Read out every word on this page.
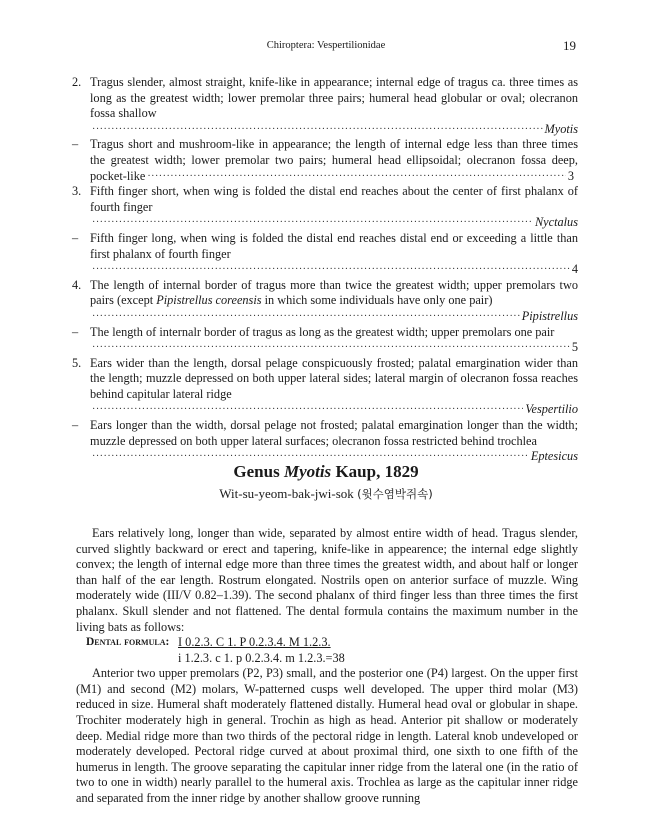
Chiroptera: Vespertilionidae	19
2. Tragus slender, almost straight, knife-like in appearance; internal edge of tragus ca. three times as long as the greatest width; lower premolar three pairs; humeral head globular or oval; olecranon fossa shallow
·····
Myotis
– Tragus short and mushroom-like in appearance; the length of internal edge less than three times the greatest width; lower premolar two pairs; humeral head ellipsoidal; olecranon fossa deep, pocket-like
·····	3
3. Fifth finger short, when wing is folded the distal end reaches about the center of first phalanx of fourth finger
·····
Nyctalus
– Fifth finger long, when wing is folded the distal end reaches distal end or exceeding a little than first phalanx of fourth finger
·····
4
4. The length of internal border of tragus more than twice the greatest width; upper premolars two pairs (except Pipistrellus coreensis in which some individuals have only one pair)
·····
Pipistrellus
– The length of internalr border of tragus as long as the greatest width; upper premolars one pair
·····
5
5. Ears wider than the length, dorsal pelage conspicuously frosted; palatal emargination wider than the length; muzzle depressed on both upper lateral sides; lateral margin of olecranon fossa reaches behind capitular lateral ridge
·····
Vespertilio
– Ears longer than the width, dorsal pelage not frosted; palatal emargination longer than the width; muzzle depressed on both upper lateral surfaces; olecranon fossa restricted behind trochlea
·····
Eptesicus
Genus Myotis Kaup, 1829
Wit-su-yeom-bak-jwi-sok (윗수염박쥐속)

Ears relatively long, longer than wide, separated by almost entire width of head. Tragus slender, curved slightly backward or erect and tapering, knife-like in appearence; the internal edge slightly convex; the length of internal edge more than three times the greatest width, and about half or longer than half of the ear length. Rostrum elongated. Nostrils open on anterior surface of muzzle. Wing moderately wide (III/V 0.82–1.39). The second phalanx of third finger less than three times the first phalanx. Skull slender and not flattened. The dental formula contains the maximum number in the living bats as follows:

Dental formula: I 0.2.3. C 1. P 0.2.3.4. M 1.2.3.
i 1.2.3. c 1. p 0.2.3.4. m 1.2.3.=38

Anterior two upper premolars (P2, P3) small, and the posterior one (P4) largest. On the upper first (M1) and second (M2) molars, W-patterned cusps well developed. The upper third molar (M3) reduced in size. Humeral shaft moderately flattened distally. Humeral head oval or globular in shape. Trochiter moderately high in general. Trochin as high as head. Anterior pit shallow or moderately deep. Medial ridge more than two thirds of the pectoral ridge in length. Lateral knob undeveloped or moderately developed. Pectoral ridge curved at about proximal third, one sixth to one fifth of the humerus in length. The groove separating the capitular inner ridge from the lateral one (in the ratio of two to one in width) nearly parallel to the humeral axis. Trochlea as large as the capitular inner ridge and separated from the inner ridge by another shallow groove running
